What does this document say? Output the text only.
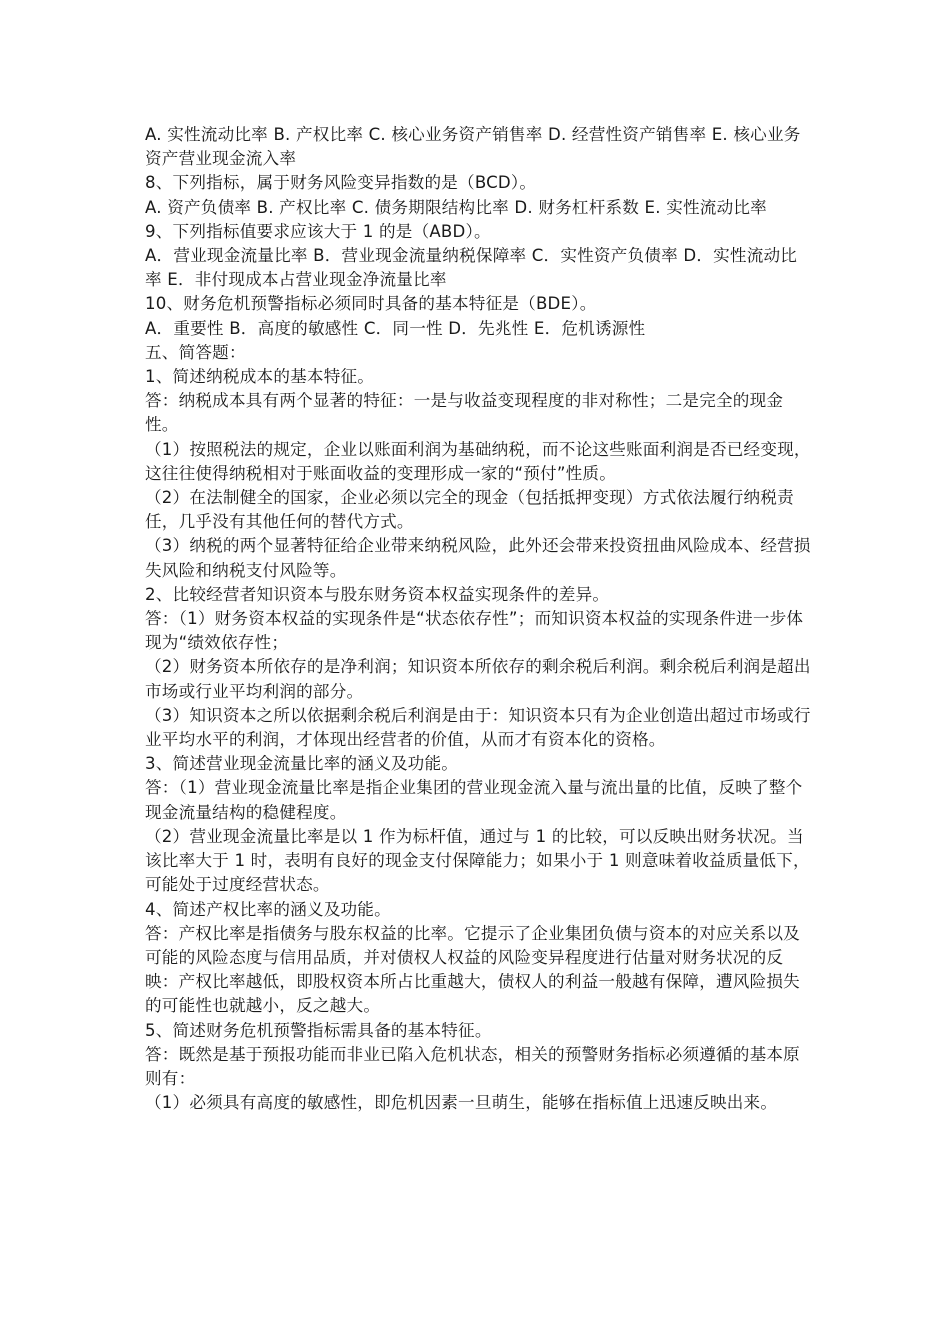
A. 实性流动比率 B. 产权比率 C. 核心业务资产销售率 D. 经营性资产销售率 E. 核心业务资产营业现金流入率

8、下列指标，属于财务风险变异指数的是（BCD）。

A. 资产负债率 B. 产权比率 C. 债务期限结构比率 D. 财务杠杆系数 E. 实性流动比率

9、下列指标值要求应该大于 1 的是（ABD）。

A．营业现金流量比率 B．营业现金流量纳税保障率 C．实性资产负债率 D．实性流动比率 E．非付现成本占营业现金净流量比率

10、财务危机预警指标必须同时具备的基本特征是（BDE）。

A．重要性 B．高度的敏感性 C．同一性 D．先兆性 E．危机诱源性

五、简答题：

1、简述纳税成本的基本特征。

答：纳税成本具有两个显著的特征：一是与收益变现程度的非对称性；二是完全的现金性。

（1）按照税法的规定，企业以账面利润为基础纳税，而不论这些账面利润是否已经变现，这往往使得纳税相对于账面收益的变理形成一家的“预付”性质。

（2）在法制健全的国家，企业必须以完全的现金（包括抵押变现）方式依法履行纳税责任，几乎没有其他任何的替代方式。

（3）纳税的两个显著特征给企业带来纳税风险，此外还会带来投资扭曲风险成本、经营损失风险和纳税支付风险等。

2、比较经营者知识资本与股东财务资本权益实现条件的差异。

答：（1）财务资本权益的实现条件是“状态依存性”；而知识资本权益的实现条件进一步体现为“绩效依存性；

（2）财务资本所依存的是净利润；知识资本所依存的剩余税后利润。剩余税后利润是超出市场或行业平均利润的部分。

（3）知识资本之所以依据剩余税后利润是由于：知识资本只有为企业创造出超过市场或行业平均水平的利润，才体现出经营者的价值，从而才有资本化的资格。

3、简述营业现金流量比率的涵义及功能。

答：（1）营业现金流量比率是指企业集团的营业现金流入量与流出量的比值，反映了整个现金流量结构的稳健程度。

（2）营业现金流量比率是以 1 作为标杆值，通过与 1 的比较，可以反映出财务状况。当该比率大于 1 时，表明有良好的现金支付保障能力；如果小于 1 则意味着收益质量低下，可能处于过度经营状态。

4、简述产权比率的涵义及功能。

答：产权比率是指债务与股东权益的比率。它提示了企业集团负债与资本的对应关系以及可能的风险态度与信用品质，并对债权人权益的风险变异程度进行估量对财务状况的反映：产权比率越低，即股权资本所占比重越大，债权人的利益一般越有保障，遭风险损失的可能性也就越小，反之越大。

5、简述财务危机预警指标需具备的基本特征。

答：既然是基于预报功能而非业已陷入危机状态，相关的预警财务指标必须遵循的基本原则有：

（1）必须具有高度的敏感性，即危机因素一旦萌生，能够在指标值上迅速反映出来。
